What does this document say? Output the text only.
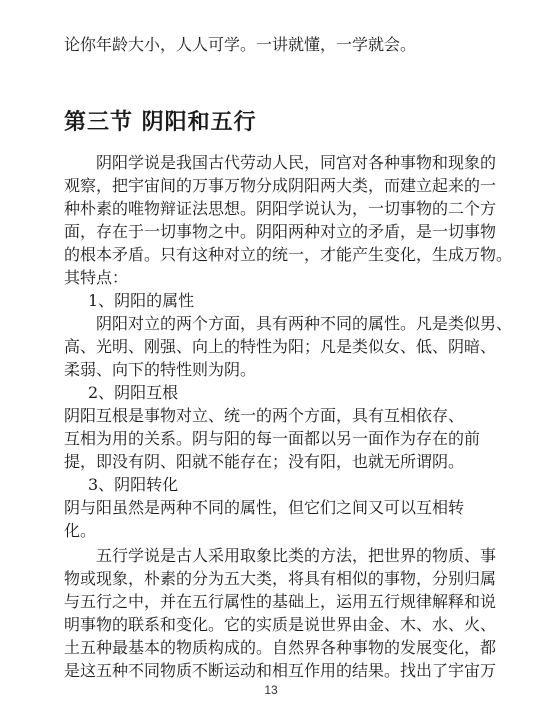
论你年龄大小，人人可学。一讲就懂，一学就会。
第三节 阴阳和五行
阴阳学说是我国古代劳动人民，同宫对各种事物和现象的
观察，把宇宙间的万事万物分成阴阳两大类，而建立起来的一
种朴素的唯物辩证法思想。阴阳学说认为，一切事物的二个方
面，存在于一切事物之中。阴阳两种对立的矛盾，是一切事物
的根本矛盾。只有这种对立的统一，才能产生变化，生成万物。
其特点：
1、阴阳的属性
阴阳对立的两个方面，具有两种不同的属性。凡是类似男、
高、光明、刚强、向上的特性为阳；凡是类似女、低、阴暗、
柔弱、向下的特性则为阴。
2、阴阳互根
阴阳互根是事物对立、统一的两个方面，具有互相依存、
互相为用的关系。阴与阳的每一面都以另一面作为存在的前
提，即没有阴、阳就不能存在；没有阳，也就无所谓阴。
3、阴阳转化
阴与阳虽然是两种不同的属性，但它们之间又可以互相转
化。
五行学说是古人采用取象比类的方法，把世界的物质、事
物或现象，朴素的分为五大类，将具有相似的事物，分别归属
与五行之中，并在五行属性的基础上，运用五行规律解释和说
明事物的联系和变化。它的实质是说世界由金、木、水、火、
土五种最基本的物质构成的。自然界各种事物的发展变化，都
是这五种不同物质不断运动和相互作用的结果。找出了宇宙万
13
